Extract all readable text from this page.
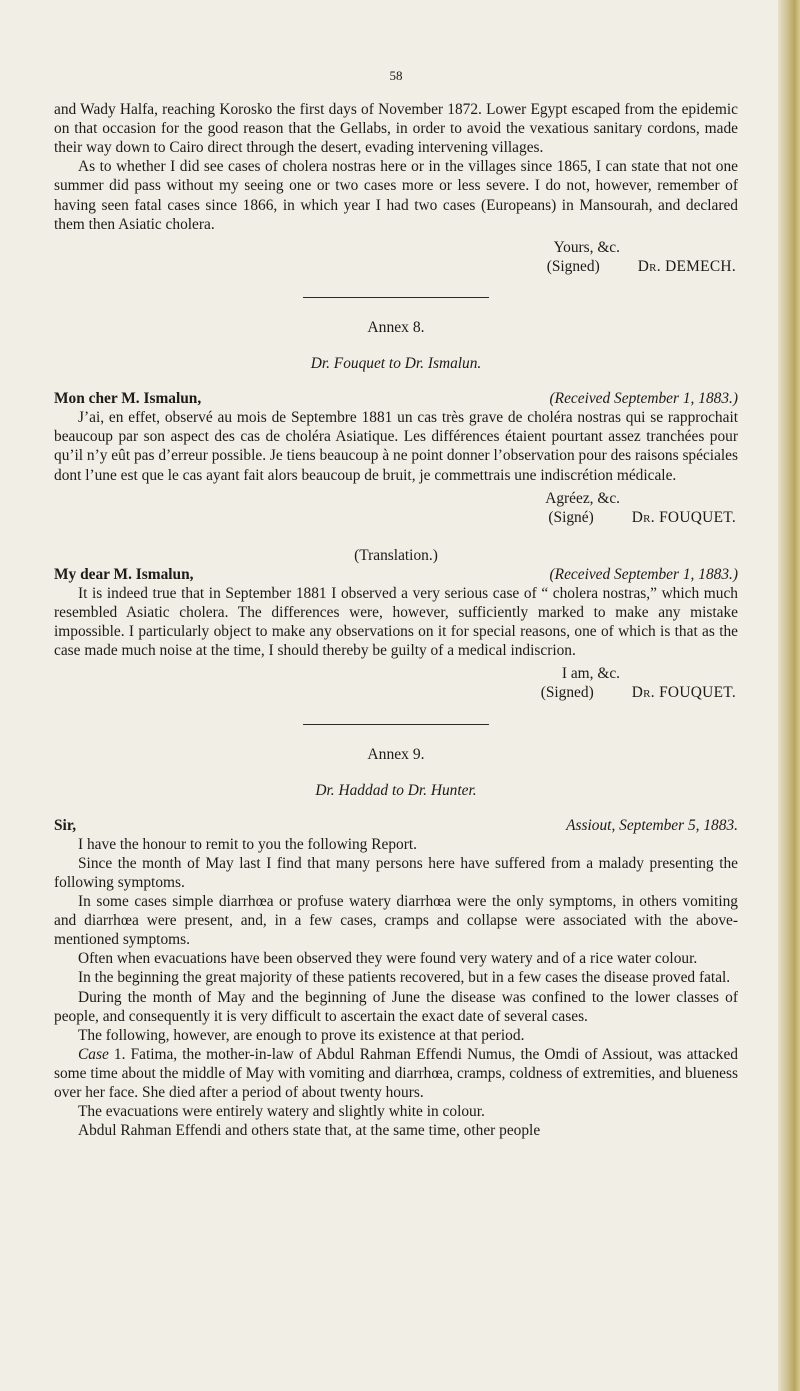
58

and Wady Halfa, reaching Korosko the first days of November 1872. Lower Egypt escaped from the epidemic on that occasion for the good reason that the Gellabs, in order to avoid the vexatious sanitary cordons, made their way down to Cairo direct through the desert, evading intervening villages.

As to whether I did see cases of cholera nostras here or in the villages since 1865, I can state that not one summer did pass without my seeing one or two cases more or less severe. I do not, however, remember of having seen fatal cases since 1866, in which year I had two cases (Europeans) in Mansourah, and declared them then Asiatic cholera.

Yours, &c.
(Signed) Dr. DEMECH.
Annex 8.
Dr. Fouquet to Dr. Ismalun.
Mon cher M. Ismalun,	(Received September 1, 1883.)

J’ai, en effet, observé au mois de Septembre 1881 un cas très grave de choléra nostras qui se rapprochait beaucoup par son aspect des cas de choléra Asiatique. Les différences étaient pourtant assez tranchées pour qu’il n’y eût pas d’erreur possible. Je tiens beaucoup à ne point donner l’observation pour des raisons spéciales dont l’une est que le cas ayant fait alors beaucoup de bruit, je commettrais une indiscrétion médicale.

Agréez, &c.
(Signé) Dr. FOUQUET.
(Translation.)
My dear M. Ismalun,	(Received September 1, 1883.)

It is indeed true that in September 1881 I observed a very serious case of “ cholera nostras,” which much resembled Asiatic cholera. The differences were, however, sufficiently marked to make any mistake impossible. I particularly object to make any observations on it for special reasons, one of which is that as the case made much noise at the time, I should thereby be guilty of a medical indiscrion.

I am, &c.
(Signed) Dr. FOUQUET.
Annex 9.
Dr. Haddad to Dr. Hunter.
Sir,	Assiout, September 5, 1883.

I have the honour to remit to you the following Report.

Since the month of May last I find that many persons here have suffered from a malady presenting the following symptoms.

In some cases simple diarrhœa or profuse watery diarrhœa were the only symptoms, in others vomiting and diarrhœa were present, and, in a few cases, cramps and collapse were associated with the above-mentioned symptoms.

Often when evacuations have been observed they were found very watery and of a rice water colour.

In the beginning the great majority of these patients recovered, but in a few cases the disease proved fatal.

During the month of May and the beginning of June the disease was confined to the lower classes of people, and consequently it is very difficult to ascertain the exact date of several cases.

The following, however, are enough to prove its existence at that period.

Case 1. Fatima, the mother-in-law of Abdul Rahman Effendi Numus, the Omdi of Assiout, was attacked some time about the middle of May with vomiting and diarrhœa, cramps, coldness of extremities, and blueness over her face. She died after a period of about twenty hours.

The evacuations were entirely watery and slightly white in colour.

Abdul Rahman Effendi and others state that, at the same time, other people
